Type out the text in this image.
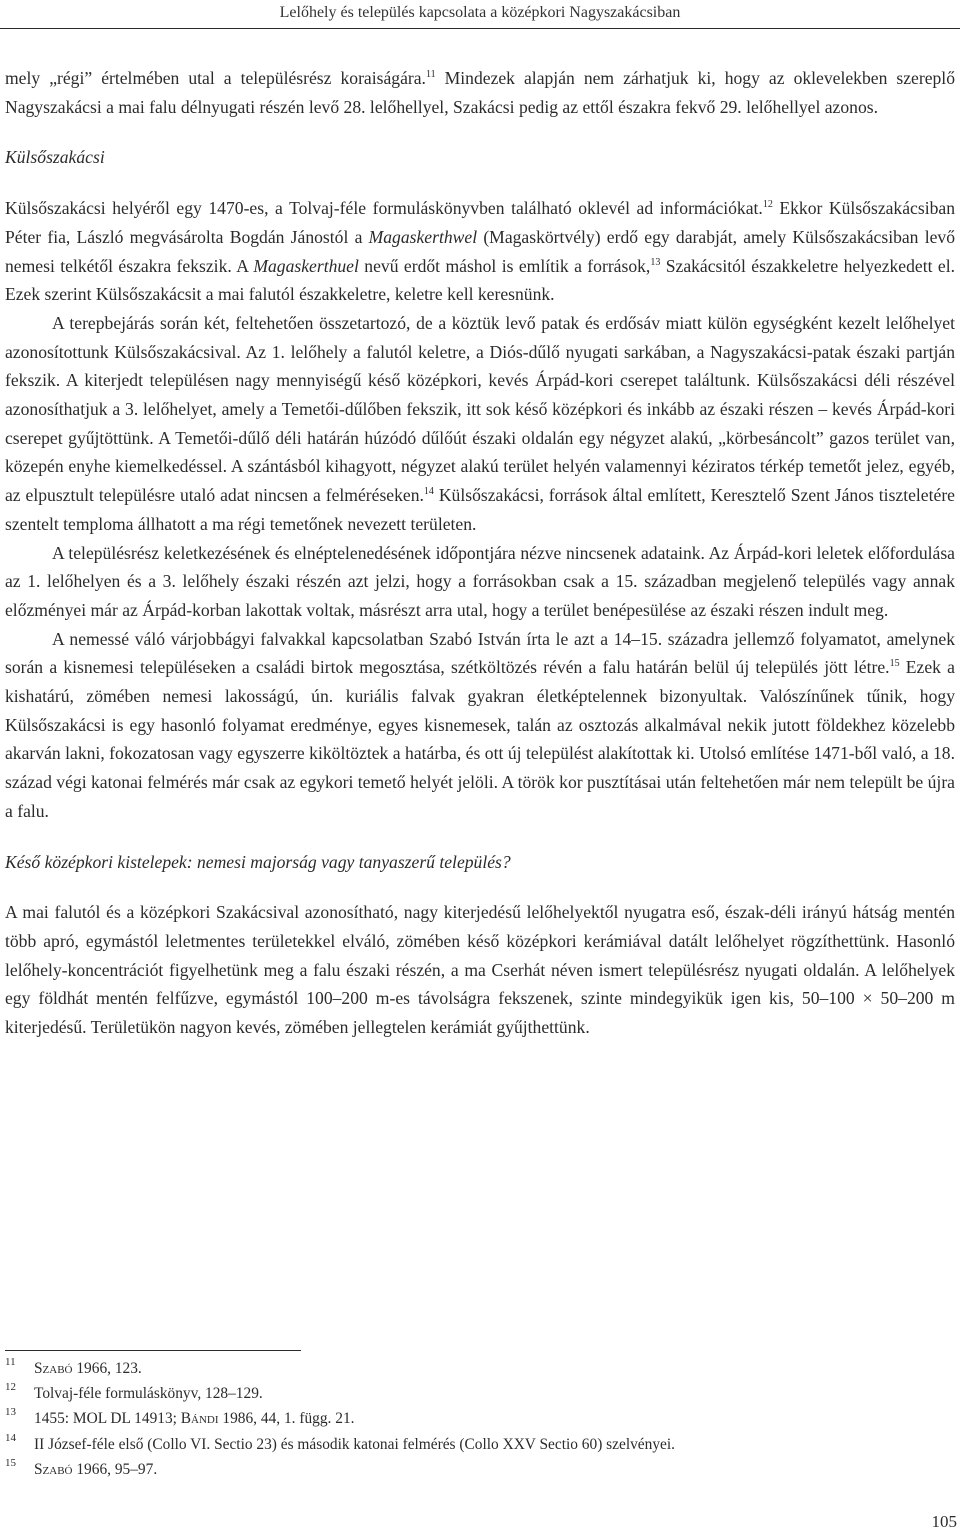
Lelőhely és település kapcsolata a középkori Nagyszakácsiban

mely „régi” értelmében utal a településrész koraiságára.$^{11}$ Mindezek alapján nem zárhatjuk ki, hogy az oklevelekben szereplő Nagyszakácsi a mai falu délnyugati részén levő 28. lelőhellyel, Szakácsi pedig az ettől északra fekvő 29. lelőhellyel azonos.

Külsőszakácsi

Külsőszakácsi helyéről egy 1470-es, a Tolvaj-féle formuláskönyvben található oklevél ad információkat.$^{12}$ Ekkor Külsőszakácsiban Péter fia, László megvásárolta Bogdán Jánostól a Magaskerthwel (Magaskörtvély) erdő egy darabját, amely Külsőszakácsiban levő nemesi telkétől északra fekszik. A Magaskerthuel nevű erdőt máshol is említik a források,$^{13}$ Szakácsitól északkeletre helyezkedett el. Ezek szerint Külsőszakácsit a mai falutól északkeletre, keletre kell keresnünk.

A terepbejárás során két, feltehetően összetartozó, de a köztük levő patak és erdősáv miatt külön egységként kezelt lelőhelyet azonosítottunk Külsőszakácsival. Az 1. lelőhely a falutól keletre, a Diós-dűlő nyugati sarkában, a Nagyszakácsi-patak északi partján fekszik. A kiterjedt településen nagy mennyiségű késő középkori, kevés Árpád-kori cserepet találtunk. Külsőszakácsi déli részével azonosíthatjuk a 3. lelőhelyet, amely a Temetői-dűlőben fekszik, itt sok késő középkori és inkább az északi részen – kevés Árpád-kori cserepet gyűjtöttünk. A Temetői-dűlő déli határán húzódó dűlőút északi oldalán egy négyzet alakú, „körbesáncolt” gazos terület van, közepén enyhe kiemelkedéssel. A szántásból kihagyott, négyzet alakú terület helyén valamennyi kéziratos térkép temetőt jelez, egyéb, az elpusztult településre utaló adat nincsen a felméréseken.$^{14}$ Külsőszakácsi, források által említett, Keresztelő Szent János tiszteletére szentelt temploma állhatott a ma régi temetőnek nevezett területen.

A településrész keletkezésének és elnéptelenedésének időpontjára nézve nincsenek adataink. Az Árpád-kori leletek előfordulása az 1. lelőhelyen és a 3. lelőhely északi részén azt jelzi, hogy a forrásokban csak a 15. században megjelenő település vagy annak előzményei már az Árpád-korban lakottak voltak, másrészt arra utal, hogy a terület benépesülése az északi részen indult meg.

A nemessé váló várjobbágyi falvakkal kapcsolatban Szabó István írta le azt a 14–15. századra jellemző folyamatot, amelynek során a kisnemesi településeken a családi birtok megosztása, szétköltözés révén a falu határán belül új település jött létre.$^{15}$ Ezek a kishatárú, zömében nemesi lakosságú, ún. kuriális falvak gyakran életképtelennek bizonyultak. Valószínűnek tűnik, hogy Külsőszakácsi is egy hasonló folyamat eredménye, egyes kisnemesek, talán az osztozás alkalmával nekik jutott földekhez közelebb akarván lakni, fokozatosan vagy egyszerre kiköltöztek a határba, és ott új települést alakítottak ki. Utolsó említése 1471-ből való, a 18. század végi katonai felmérés már csak az egykori temető helyét jelöli. A török kor pusztításai után feltehetően már nem települt be újra a falu.

Késő középkori kistelepek: nemesi majorság vagy tanyaszerű település?

A mai falutól és a középkori Szakácsival azonosítható, nagy kiterjedésű lelőhelyektől nyugatra eső, észak-déli irányú hátság mentén több apró, egymástól leletmentes területekkel elváló, zömében késő középkori kerámiával datált lelőhelyet rögzíthettünk. Hasonló lelőhely-koncentrációt figyelhetünk meg a falu északi részén, a ma Cserhát néven ismert településrész nyugati oldalán. A lelőhelyek egy földhát mentén felfűzve, egymástól 100–200 m-es távolságra fekszenek, szinte mindegyikük igen kis, 50–100 × 50–200 m kiterjedésű. Területükön nagyon kevés, zömében jellegtelen kerámiát gyűjthettünk.

11 Szabó 1966, 123.
12 Tolvaj-féle formuláskönyv, 128–129.
13 1455: MOL DL 14913; Bándi 1986, 44, 1. függ. 21.
14 II József-féle első (Collo VI. Sectio 23) és második katonai felmérés (Collo XXV Sectio 60) szelvényei.
15 Szabó 1966, 95–97.
105
